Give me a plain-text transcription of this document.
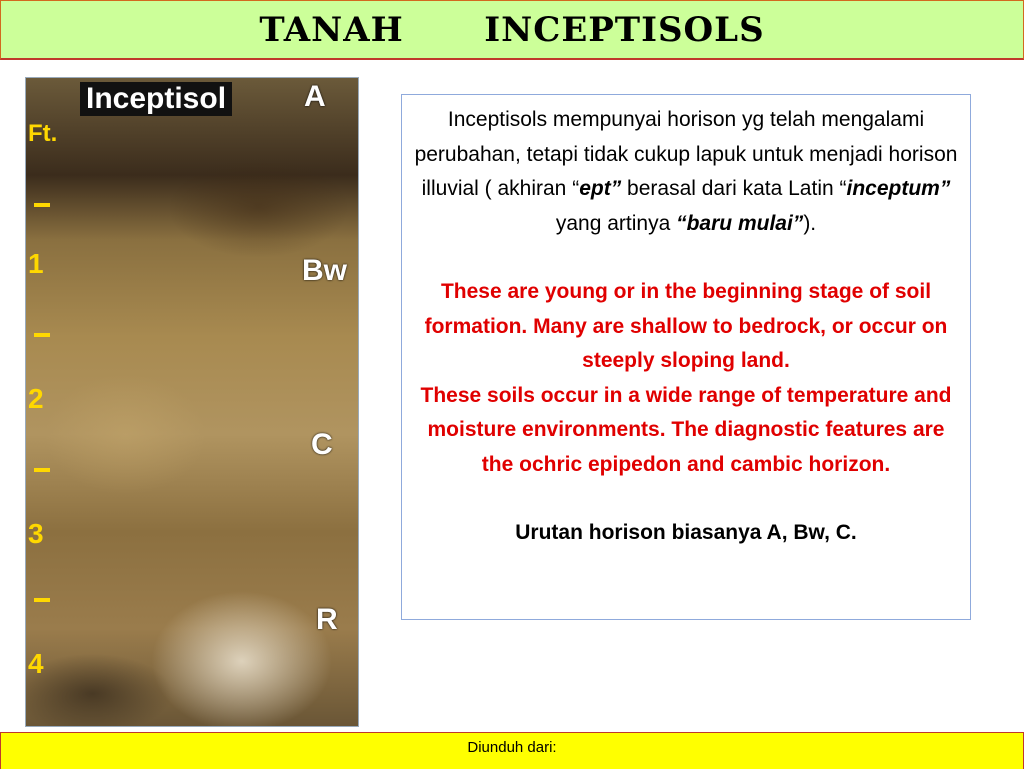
TANAH   INCEPTISOLS
Inceptisol	A
Bw
C
R
Ft.
1
2
3
4

Inceptisols mempunyai horison yg telah mengalami perubahan, tetapi tidak cukup lapuk untuk menjadi horison illuvial ( akhiran “ept” berasal dari kata Latin “inceptum” yang artinya “baru mulai”).

These are young or in the beginning stage of soil formation. Many are shallow to bedrock, or occur on steeply sloping land.

These soils occur in a wide range of temperature and moisture environments. The diagnostic features are the ochric epipedon and cambic horizon.

Urutan horison biasanya A, Bw, C.

Diunduh dari:
